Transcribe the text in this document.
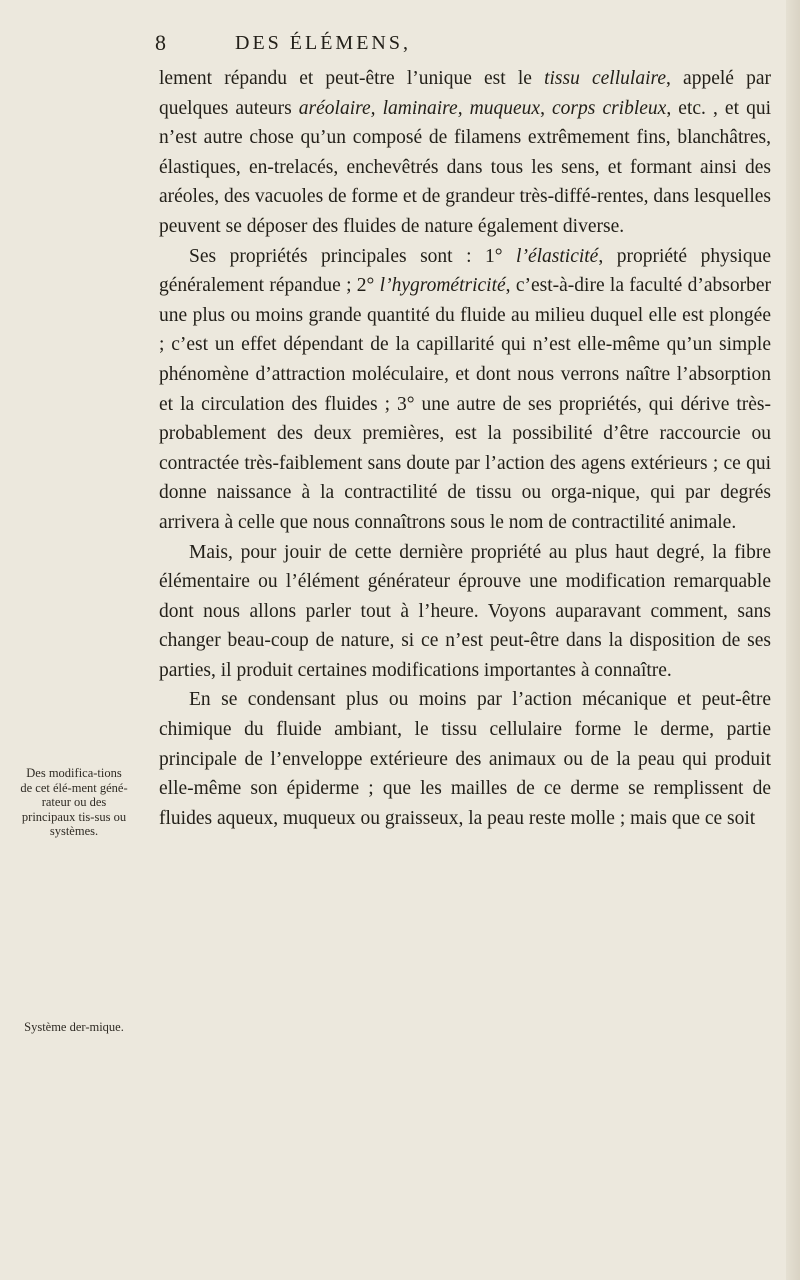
8	DES ÉLÉMENS,
Des modifica-tions de cet élé-ment géné-rateur ou des principaux tis-sus ou systèmes.
Système der-mique.

lement répandu et peut-être l’unique est le tissu cellulaire, appelé par quelques auteurs aréolaire, laminaire, muqueux, corps cribleux, etc. , et qui n’est autre chose qu’un composé de filamens extrêmement fins, blanchâtres, élastiques, en-trelacés, enchevêtrés dans tous les sens, et formant ainsi des aréoles, des vacuoles de forme et de grandeur très-diffé-rentes, dans lesquelles peuvent se déposer des fluides de nature également diverse.

Ses propriétés principales sont : 1° l’élasticité, propriété physique généralement répandue ; 2° l’hygrométricité, c’est-à-dire la faculté d’absorber une plus ou moins grande quantité du fluide au milieu duquel elle est plongée ; c’est un effet dépendant de la capillarité qui n’est elle-même qu’un simple phénomène d’attraction moléculaire, et dont nous verrons naître l’absorption et la circulation des fluides ; 3° une autre de ses propriétés, qui dérive très-probablement des deux premières, est la possibilité d’être raccourcie ou contractée très-faiblement sans doute par l’action des agens extérieurs ; ce qui donne naissance à la contractilité de tissu ou orga-nique, qui par degrés arrivera à celle que nous connaîtrons sous le nom de contractilité animale.

Mais, pour jouir de cette dernière propriété au plus haut degré, la fibre élémentaire ou l’élément générateur éprouve une modification remarquable dont nous allons parler tout à l’heure. Voyons auparavant comment, sans changer beau-coup de nature, si ce n’est peut-être dans la disposition de ses parties, il produit certaines modifications importantes à connaître.

En se condensant plus ou moins par l’action mécanique et peut-être chimique du fluide ambiant, le tissu cellulaire forme le derme, partie principale de l’enveloppe extérieure des animaux ou de la peau qui produit elle-même son épiderme ; que les mailles de ce derme se remplissent de fluides aqueux, muqueux ou graisseux, la peau reste molle ; mais que ce soit
